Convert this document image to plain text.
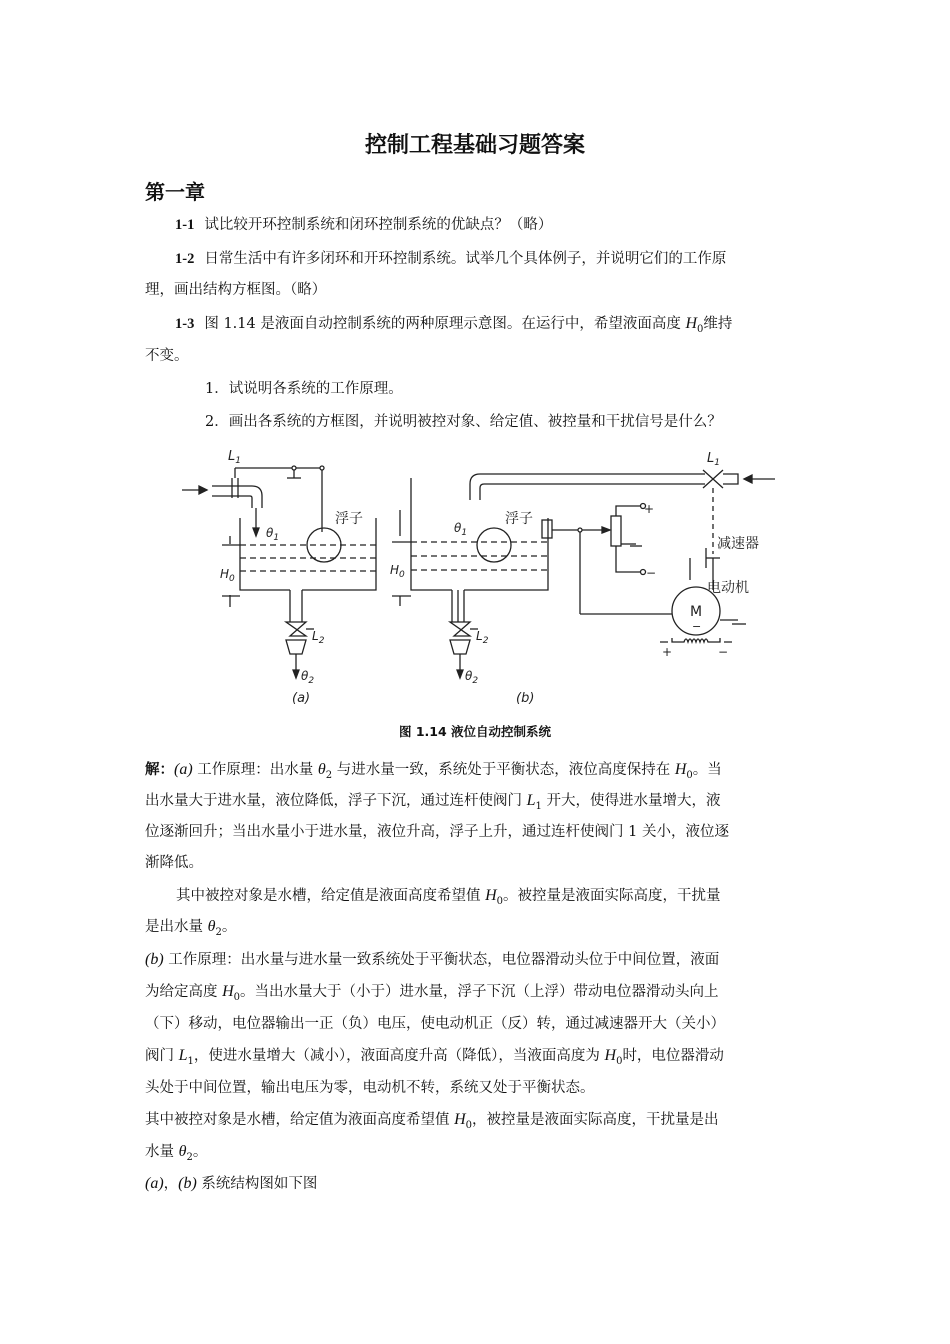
控制工程基础习题答案
第一章
1-1 试比较开环控制系统和闭环控制系统的优缺点？（略）
1-2 日常生活中有许多闭环和开环控制系统。试举几个具体例子，并说明它们的工作原
理，画出结构方框图。（略）
1-3 图 1.14 是液面自动控制系统的两种原理示意图。在运行中，希望液面高度 $H_0$维持
不变。
1．试说明各系统的工作原理。
2．画出各系统的方框图，并说明被控对象、给定值、被控量和干扰信号是什么？
$L_1$
$\theta_1$
浮子
$H_0$
$L_2$
$\theta_2$
(a)
$L_1$
$\theta_1$
浮子
$H_0$
+
−
减速器
电动机
M
−
+	−
$L_2$
$\theta_2$
(b)
图 1.14 液位自动控制系统
解：(a) 工作原理：出水量 $\theta_2$ 与进水量一致，系统处于平衡状态，液位高度保持在 $H_0$。当
出水量大于进水量，液位降低，浮子下沉，通过连杆使阀门 $L_1$ 开大，使得进水量增大，液
位逐渐回升；当出水量小于进水量，液位升高，浮子上升，通过连杆使阀门 1 关小，液位逐
渐降低。
其中被控对象是水槽，给定值是液面高度希望值 $H_0$。被控量是液面实际高度，干扰量
是出水量 $\theta_2$。
(b) 工作原理：出水量与进水量一致系统处于平衡状态，电位器滑动头位于中间位置，液面
为给定高度 $H_0$。当出水量大于（小于）进水量，浮子下沉（上浮）带动电位器滑动头向上
（下）移动，电位器输出一正（负）电压，使电动机正（反）转，通过减速器开大（关小）
阀门 $L_1$，使进水量增大（减小），液面高度升高（降低），当液面高度为 $H_0$时，电位器滑动
头处于中间位置，输出电压为零，电动机不转，系统又处于平衡状态。
其中被控对象是水槽，给定值为液面高度希望值 $H_0$，被控量是液面实际高度，干扰量是出
水量 $\theta_2$。
(a)，(b) 系统结构图如下图
